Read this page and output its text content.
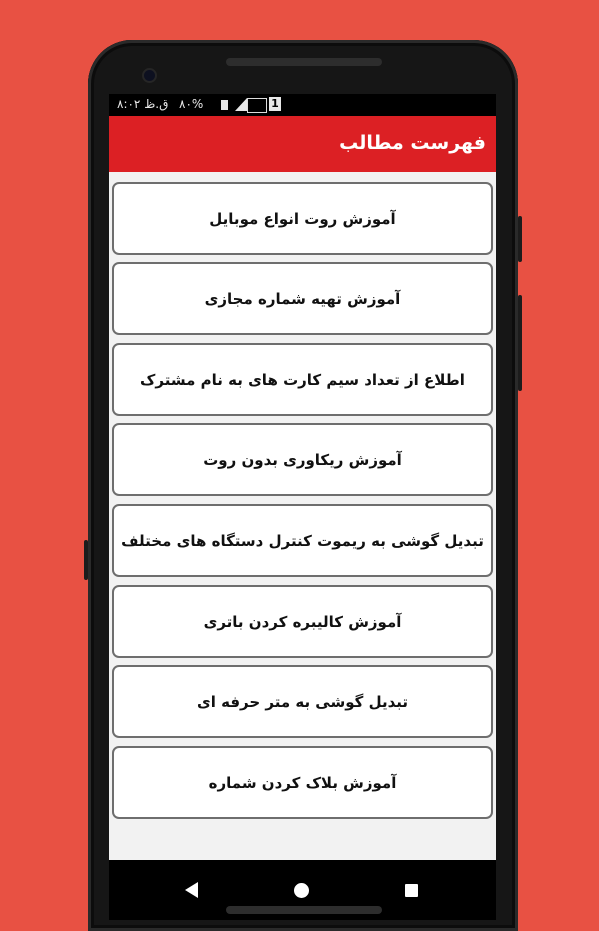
۸:۰۲ ق.ظ ۸۰%	1
فهرست مطالب
آموزش روت انواع موبایل
آموزش تهیه شماره مجازی
اطلاع از تعداد سیم کارت های به نام مشترک
آموزش ریکاوری بدون روت
تبدیل گوشی به ریموت کنترل دستگاه های مختلف
آموزش کالیبره کردن باتری
تبدیل گوشی به متر حرفه ای
آموزش بلاک کردن شماره
